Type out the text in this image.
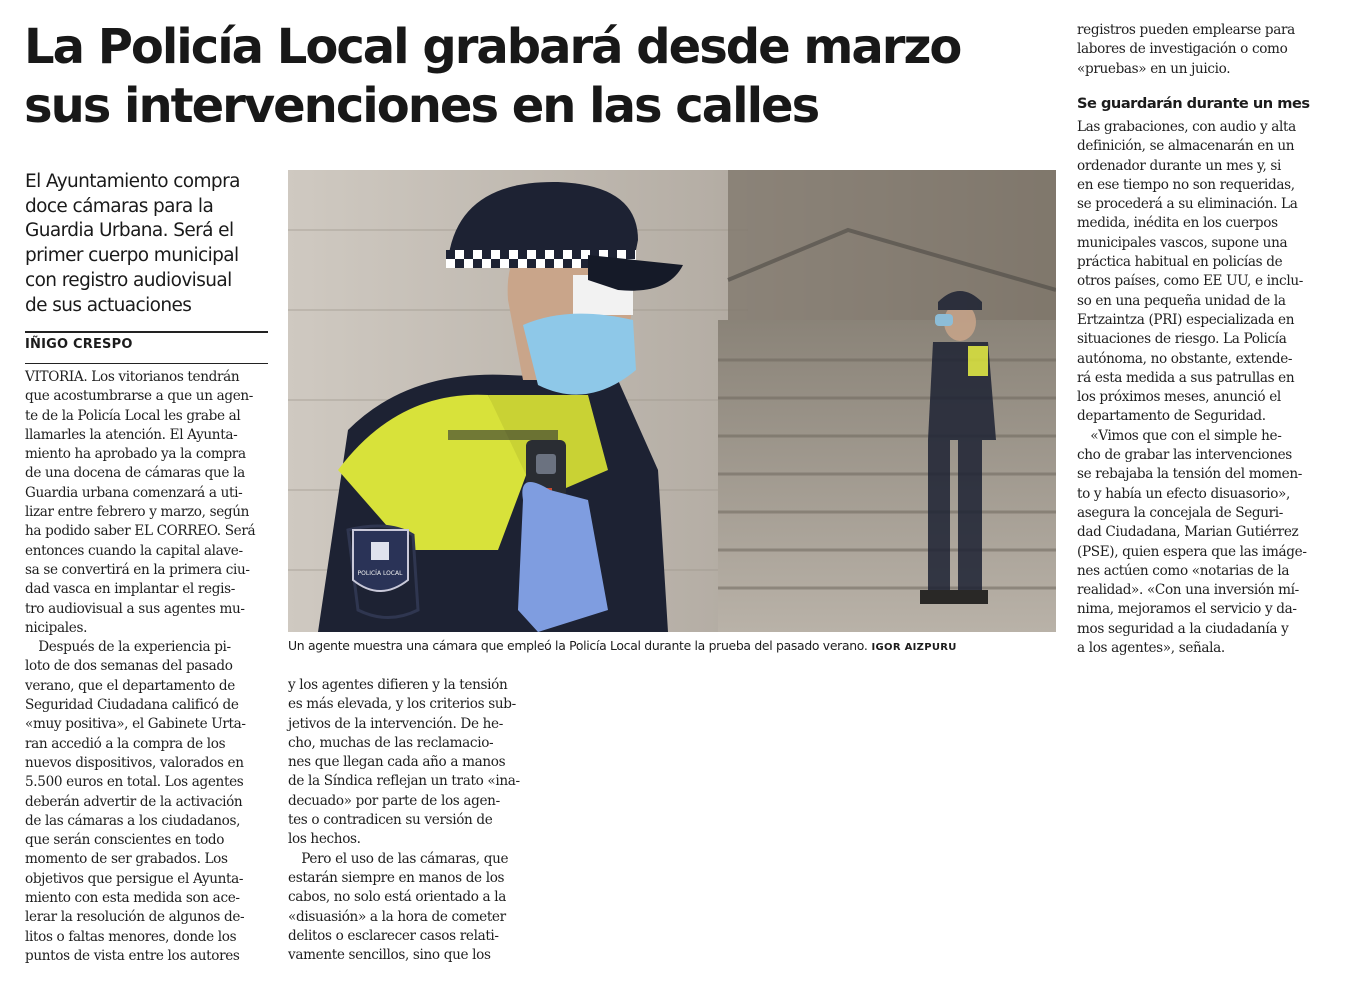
La Policía Local grabará desde marzo
sus intervenciones en las calles
El Ayuntamiento compra
doce cámaras para la
Guardia Urbana. Será el
primer cuerpo municipal
con registro audiovisual
de sus actuaciones
IÑIGO CRESPO
VITORIA. Los vitorianos tendrán
que acostumbrarse a que un agen-
te de la Policía Local les grabe al
llamarles la atención. El Ayunta-
miento ha aprobado ya la compra
de una docena de cámaras que la
Guardia urbana comenzará a uti-
lizar entre febrero y marzo, según
ha podido saber EL CORREO. Será
entonces cuando la capital alave-
sa se convertirá en la primera ciu-
dad vasca en implantar el regis-
tro audiovisual a sus agentes mu-
nicipales.
 Después de la experiencia pi-
loto de dos semanas del pasado
verano, que el departamento de
Seguridad Ciudadana calificó de
«muy positiva», el Gabinete Urta-
ran accedió a la compra de los
nuevos dispositivos, valorados en
5.500 euros en total. Los agentes
deberán advertir de la activación
de las cámaras a los ciudadanos,
que serán conscientes en todo
momento de ser grabados. Los
objetivos que persigue el Ayunta-
miento con esta medida son ace-
lerar la resolución de algunos de-
litos o faltas menores, donde los
puntos de vista entre los autores
POLICÍA LOCAL
Un agente muestra una cámara que empleó la Policía Local durante la prueba del pasado verano. IGOR AIZPURU
y los agentes difieren y la tensión
es más elevada, y los criterios sub-
jetivos de la intervención. De he-
cho, muchas de las reclamacio-
nes que llegan cada año a manos
de la Síndica reflejan un trato «ina-
decuado» por parte de los agen-
tes o contradicen su versión de
los hechos.
 Pero el uso de las cámaras, que
estarán siempre en manos de los
cabos, no solo está orientado a la
«disuasión» a la hora de cometer
delitos o esclarecer casos relati-
vamente sencillos, sino que los
registros pueden emplearse para
labores de investigación o como
«pruebas» en un juicio.
Se guardarán durante un mes
Las grabaciones, con audio y alta
definición, se almacenarán en un
ordenador durante un mes y, si
en ese tiempo no son requeridas,
se procederá a su eliminación. La
medida, inédita en los cuerpos
municipales vascos, supone una
práctica habitual en policías de
otros países, como EE UU, e inclu-
so en una pequeña unidad de la
Ertzaintza (PRI) especializada en
situaciones de riesgo. La Policía
autónoma, no obstante, extende-
rá esta medida a sus patrullas en
los próximos meses, anunció el
departamento de Seguridad.
 «Vimos que con el simple he-
cho de grabar las intervenciones
se rebajaba la tensión del momen-
to y había un efecto disuasorio»,
asegura la concejala de Seguri-
dad Ciudadana, Marian Gutiérrez
(PSE), quien espera que las imáge-
nes actúen como «notarias de la
realidad». «Con una inversión mí-
nima, mejoramos el servicio y da-
mos seguridad a la ciudadanía y
a los agentes», señala.
